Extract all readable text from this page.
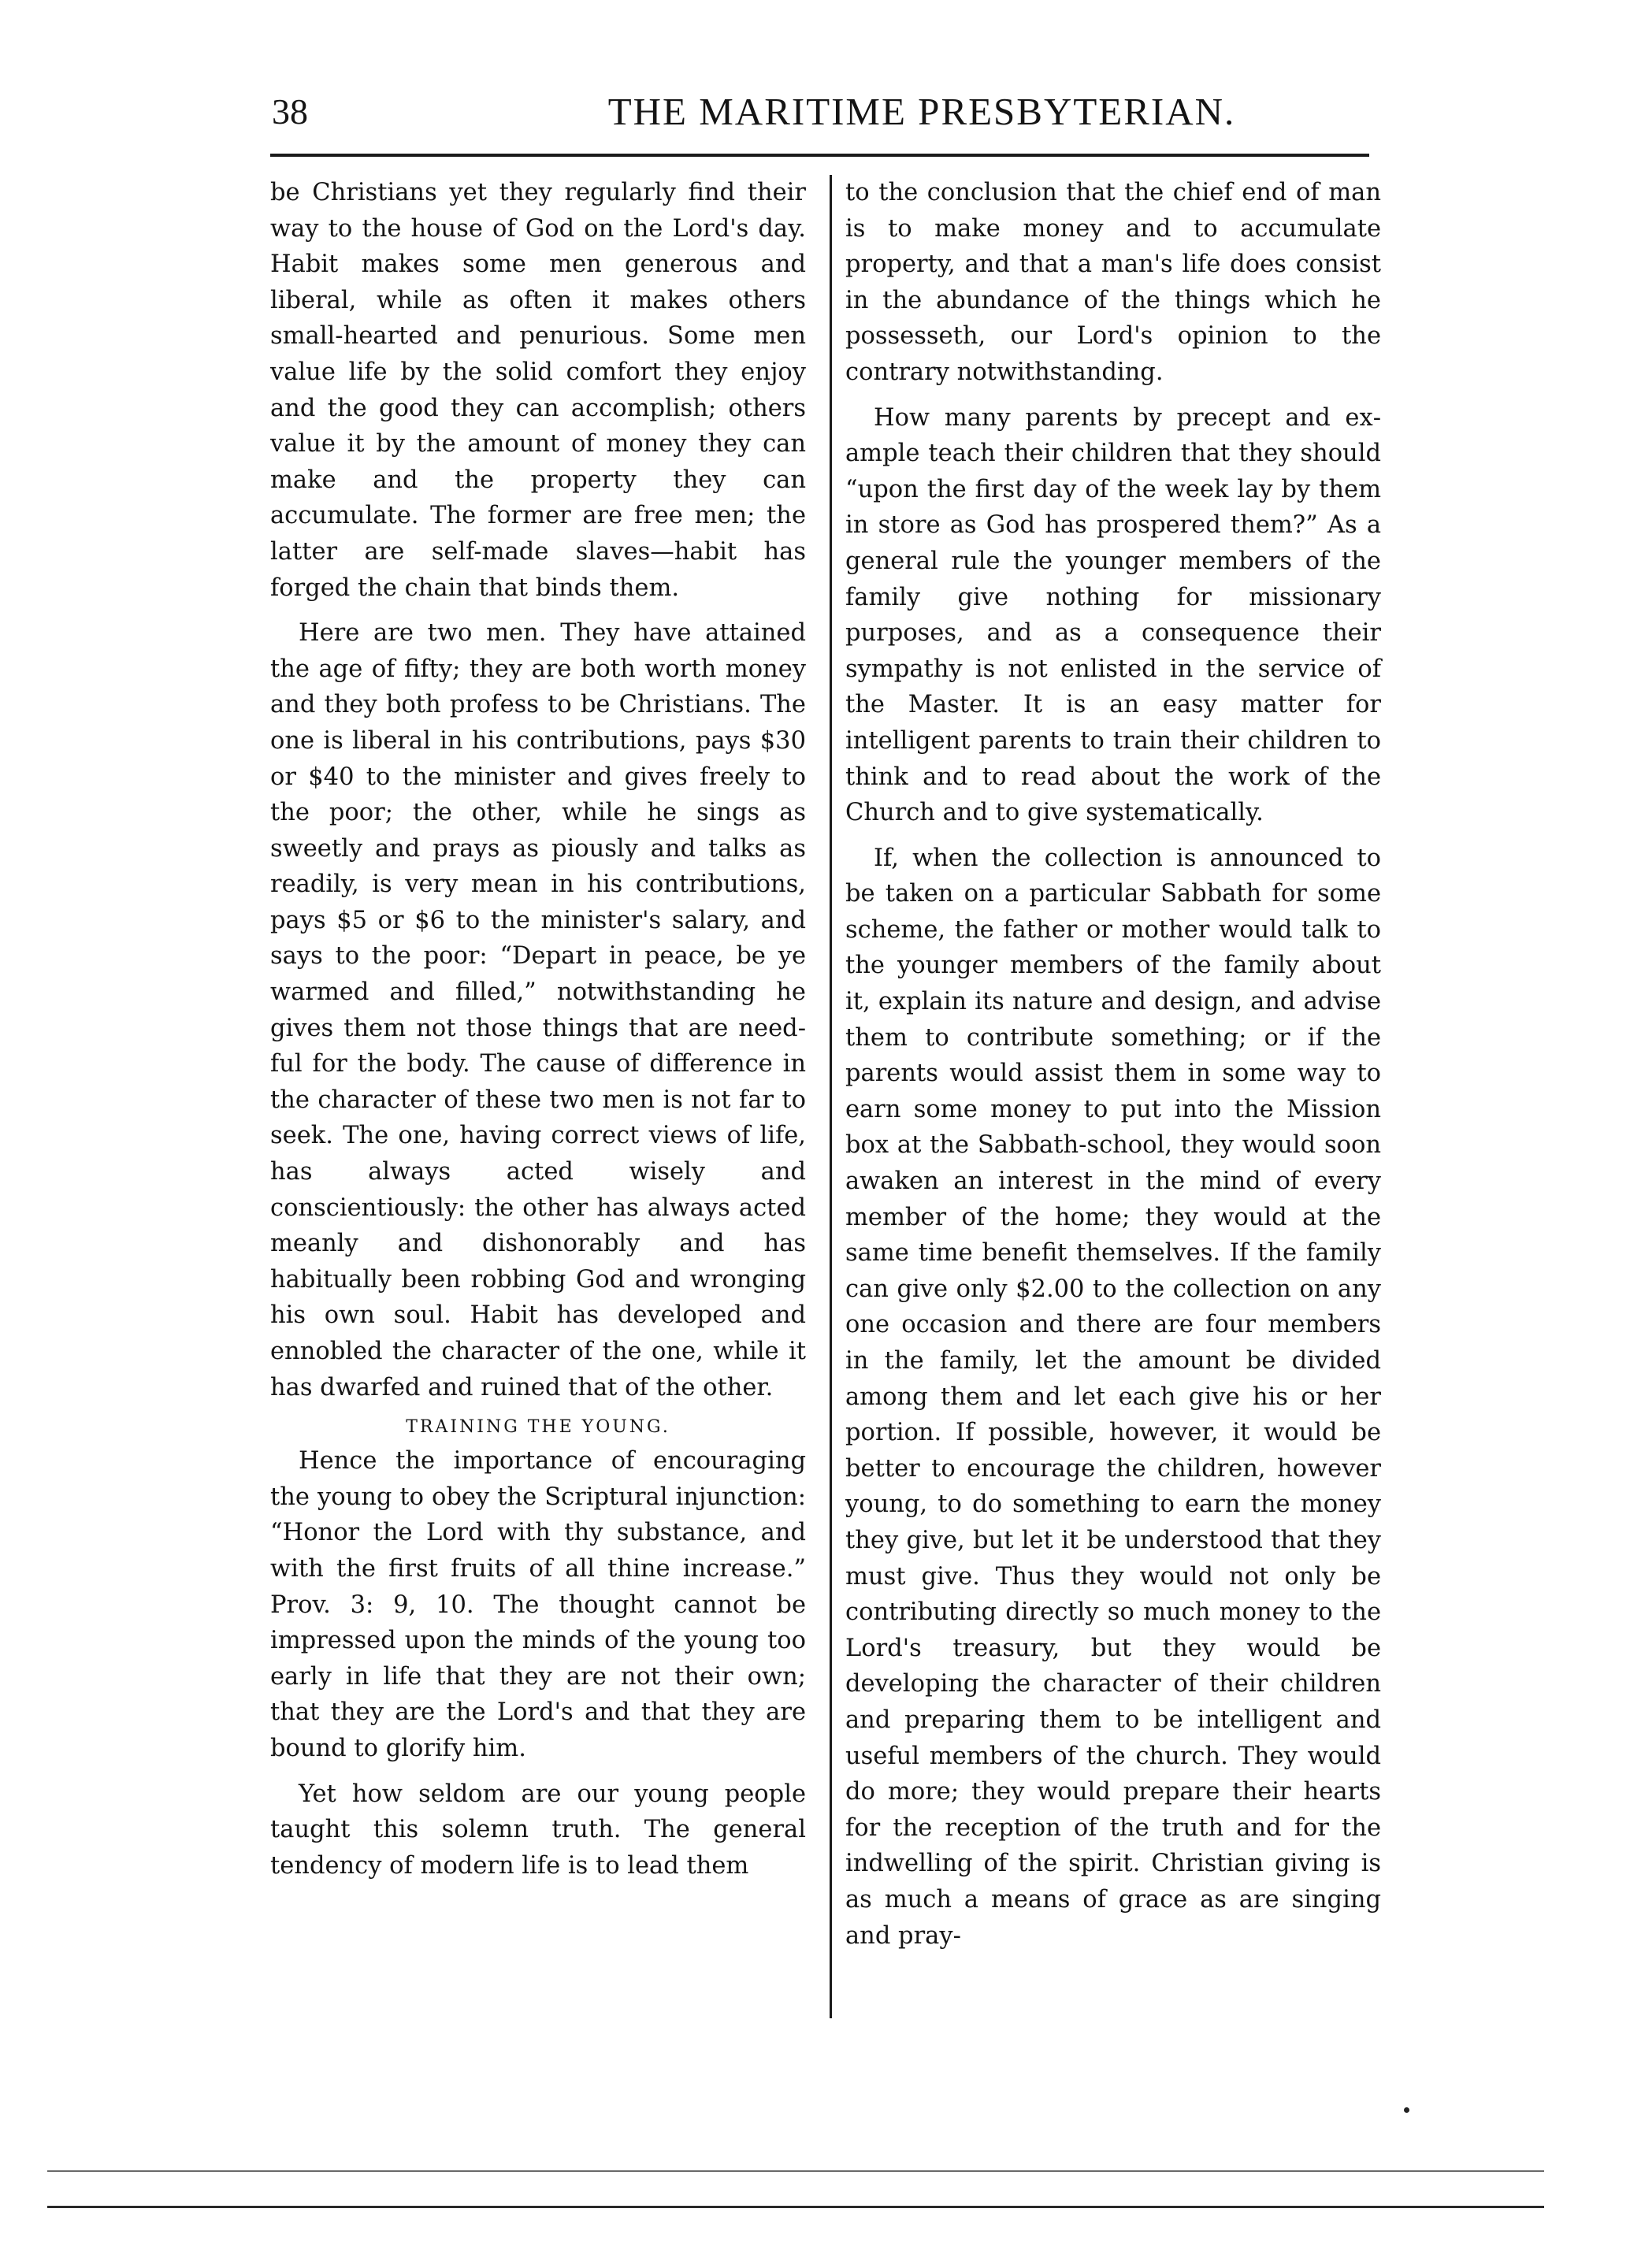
38	THE MARITIME PRESBYTERIAN.

be Christians yet they regularly find their way to the house of God on the Lord's day. Habit makes some men generous and liberal, while as often it makes others small-hearted and penurious. Some men value life by the solid comfort they enjoy and the good they can accomplish; others value it by the amount of money they can make and the property they can accumulate. The former are free men; the latter are self-made slaves—habit has forged the chain that binds them.

Here are two men. They have attained the age of fifty; they are both worth money and they both profess to be Christians. The one is liberal in his contributions, pays $30 or $40 to the minister and gives freely to the poor; the other, while he sings as sweetly and prays as piously and talks as readily, is very mean in his contributions, pays $5 or $6 to the minister's salary, and says to the poor: “Depart in peace, be ye warmed and filled,” notwithstanding he gives them not those things that are needful for the body. The cause of difference in the character of these two men is not far to seek. The one, having correct views of life, has always acted wisely and conscientiously: the other has always acted meanly and dishonorably and has habitually been robbing God and wronging his own soul. Habit has developed and ennobled the character of the one, while it has dwarfed and ruined that of the other.

TRAINING THE YOUNG.

Hence the importance of encouraging the young to obey the Scriptural injunction: “Honor the Lord with thy substance, and with the first fruits of all thine increase.” Prov. 3: 9, 10. The thought cannot be impressed upon the minds of the young too early in life that they are not their own; that they are the Lord's and that they are bound to glorify him.

Yet how seldom are our young people taught this solemn truth. The general tendency of modern life is to lead them

to the conclusion that the chief end of man is to make money and to accumulate property, and that a man's life does consist in the abundance of the things which he possesseth, our Lord's opinion to the contrary notwithstanding.

How many parents by precept and example teach their children that they should “upon the first day of the week lay by them in store as God has prospered them?” As a general rule the younger members of the family give nothing for missionary purposes, and as a consequence their sympathy is not enlisted in the service of the Master. It is an easy matter for intelligent parents to train their children to think and to read about the work of the Church and to give systematically.

If, when the collection is announced to be taken on a particular Sabbath for some scheme, the father or mother would talk to the younger members of the family about it, explain its nature and design, and advise them to contribute something; or if the parents would assist them in some way to earn some money to put into the Mission box at the Sabbath-school, they would soon awaken an interest in the mind of every member of the home; they would at the same time benefit themselves. If the family can give only $2.00 to the collection on any one occasion and there are four members in the family, let the amount be divided among them and let each give his or her portion. If possible, however, it would be better to encourage the children, however young, to do something to earn the money they give, but let it be understood that they must give. Thus they would not only be contributing directly so much money to the Lord's treasury, but they would be developing the character of their children and preparing them to be intelligent and useful members of the church. They would do more; they would prepare their hearts for the reception of the truth and for the indwelling of the spirit. Christian giving is as much a means of grace as are singing and pray-
